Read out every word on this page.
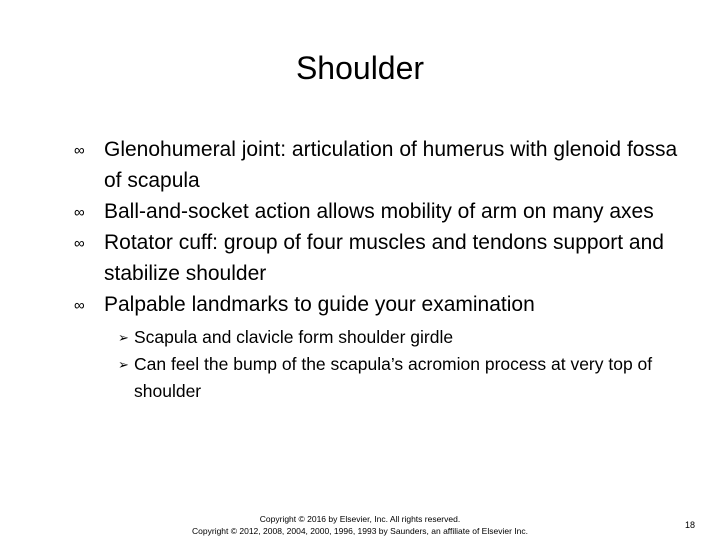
Shoulder
∞ Glenohumeral joint: articulation of humerus with glenoid fossa of scapula
∞ Ball-and-socket action allows mobility of arm on many axes
∞ Rotator cuff: group of four muscles and tendons support and stabilize shoulder
∞ Palpable landmarks to guide your examination
➢ Scapula and clavicle form shoulder girdle
➢ Can feel the bump of the scapula’s acromion process at very top of shoulder
Copyright © 2016 by Elsevier, Inc. All rights reserved.
Copyright © 2012, 2008, 2004, 2000, 1996, 1993 by Saunders, an affiliate of Elsevier Inc.
18
